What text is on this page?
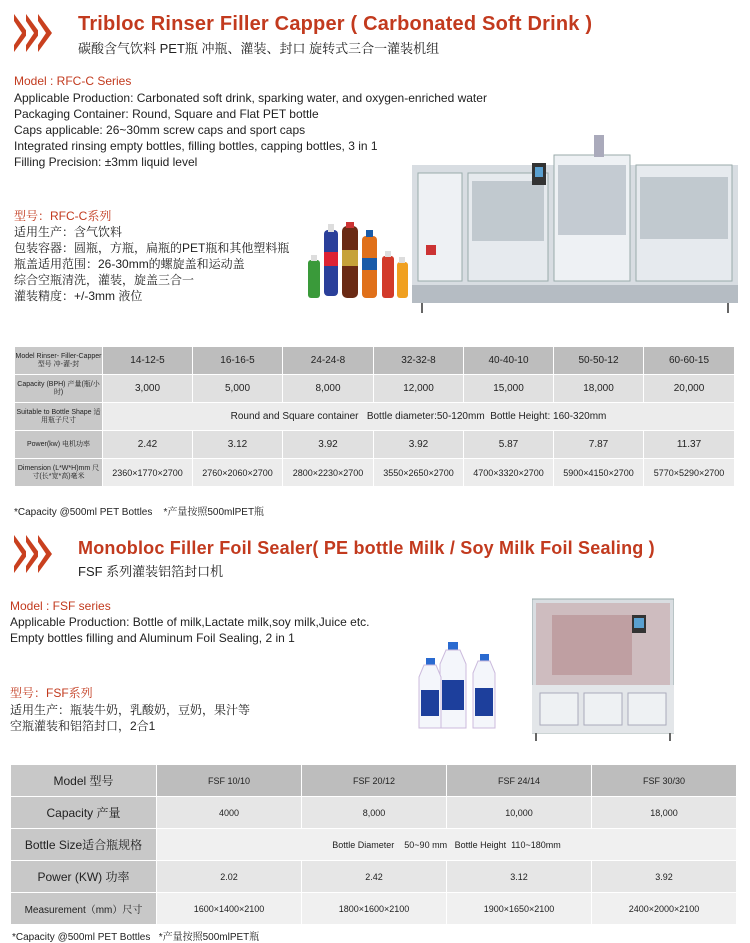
Tribloc Rinser Filler Capper ( Carbonated Soft Drink )
碳酸含气饮料 PET瓶 冲瓶、灌装、封口 旋转式三合一灌装机组
Model : RFC-C Series
Applicable Production: Carbonated soft drink, sparking water, and oxygen-enriched water
Packaging Container: Round, Square and Flat PET bottle
Caps applicable: 26~30mm screw caps and sport caps
Integrated rinsing empty bottles, filling bottles, capping bottles, 3 in 1
Filling Precision: ±3mm liquid level
型号：RFC-C系列
适用生产：含气饮料
包装容器：圆瓶，方瓶，扁瓶的PET瓶和其他塑料瓶
瓶盖适用范围：26-30mm的螺旋盖和运动盖
综合空瓶清洗，灌装，旋盖三合一
灌装精度：+/-3mm 液位
Model Rinser- Filler-Capper 型号 冲-灌-封	14-12-5	16-16-5	24-24-8	32-32-8	40-40-10	50-50-12	60-60-15
Capacity (BPH) 产量(瓶/小时)	3,000	5,000	8,000	12,000	15,000	18,000	20,000
Suitable to Bottle Shape 适用瓶子尺寸	Round and Square container   Bottle diameter:50-120mm  Bottle Height: 160-320mm						
Power(kw) 电机功率	2.42	3.12	3.92	3.92	5.87	7.87	11.37
Dimension (L*W*H)mm 尺寸(长*宽*高)毫米	2360×1770×2700	2760×2060×2700	2800×2230×2700	3550×2650×2700	4700×3320×2700	5900×4150×2700	5770×5290×2700
*Capacity @500ml PET Bottles    *产量按照500mlPET瓶
Monobloc Filler Foil Sealer( PE bottle Milk / Soy Milk Foil Sealing )
FSF 系列灌装铝箔封口机
Model : FSF series
Applicable Production: Bottle of milk,Lactate milk,soy milk,Juice etc.
Empty bottles filling and Aluminum Foil Sealing, 2 in 1
型号：FSF系列
适用生产：瓶装牛奶，乳酸奶，豆奶，果汁等
空瓶灌装和铝箔封口，2合1
Model 型号	FSF 10/10	FSF 20/12	FSF 24/14	FSF 30/30
Capacity 产量	4000	8,000	10,000	18,000
Bottle Size适合瓶规格	Bottle Diameter    50~90 mm   Bottle Height  110~180mm			
Power (KW) 功率	2.02	2.42	3.12	3.92
Measurement（mm）尺寸	1600×1400×2100	1800×1600×2100	1900×1650×2100	2400×2000×2100
*Capacity @500ml PET Bottles   *产量按照500mlPET瓶
